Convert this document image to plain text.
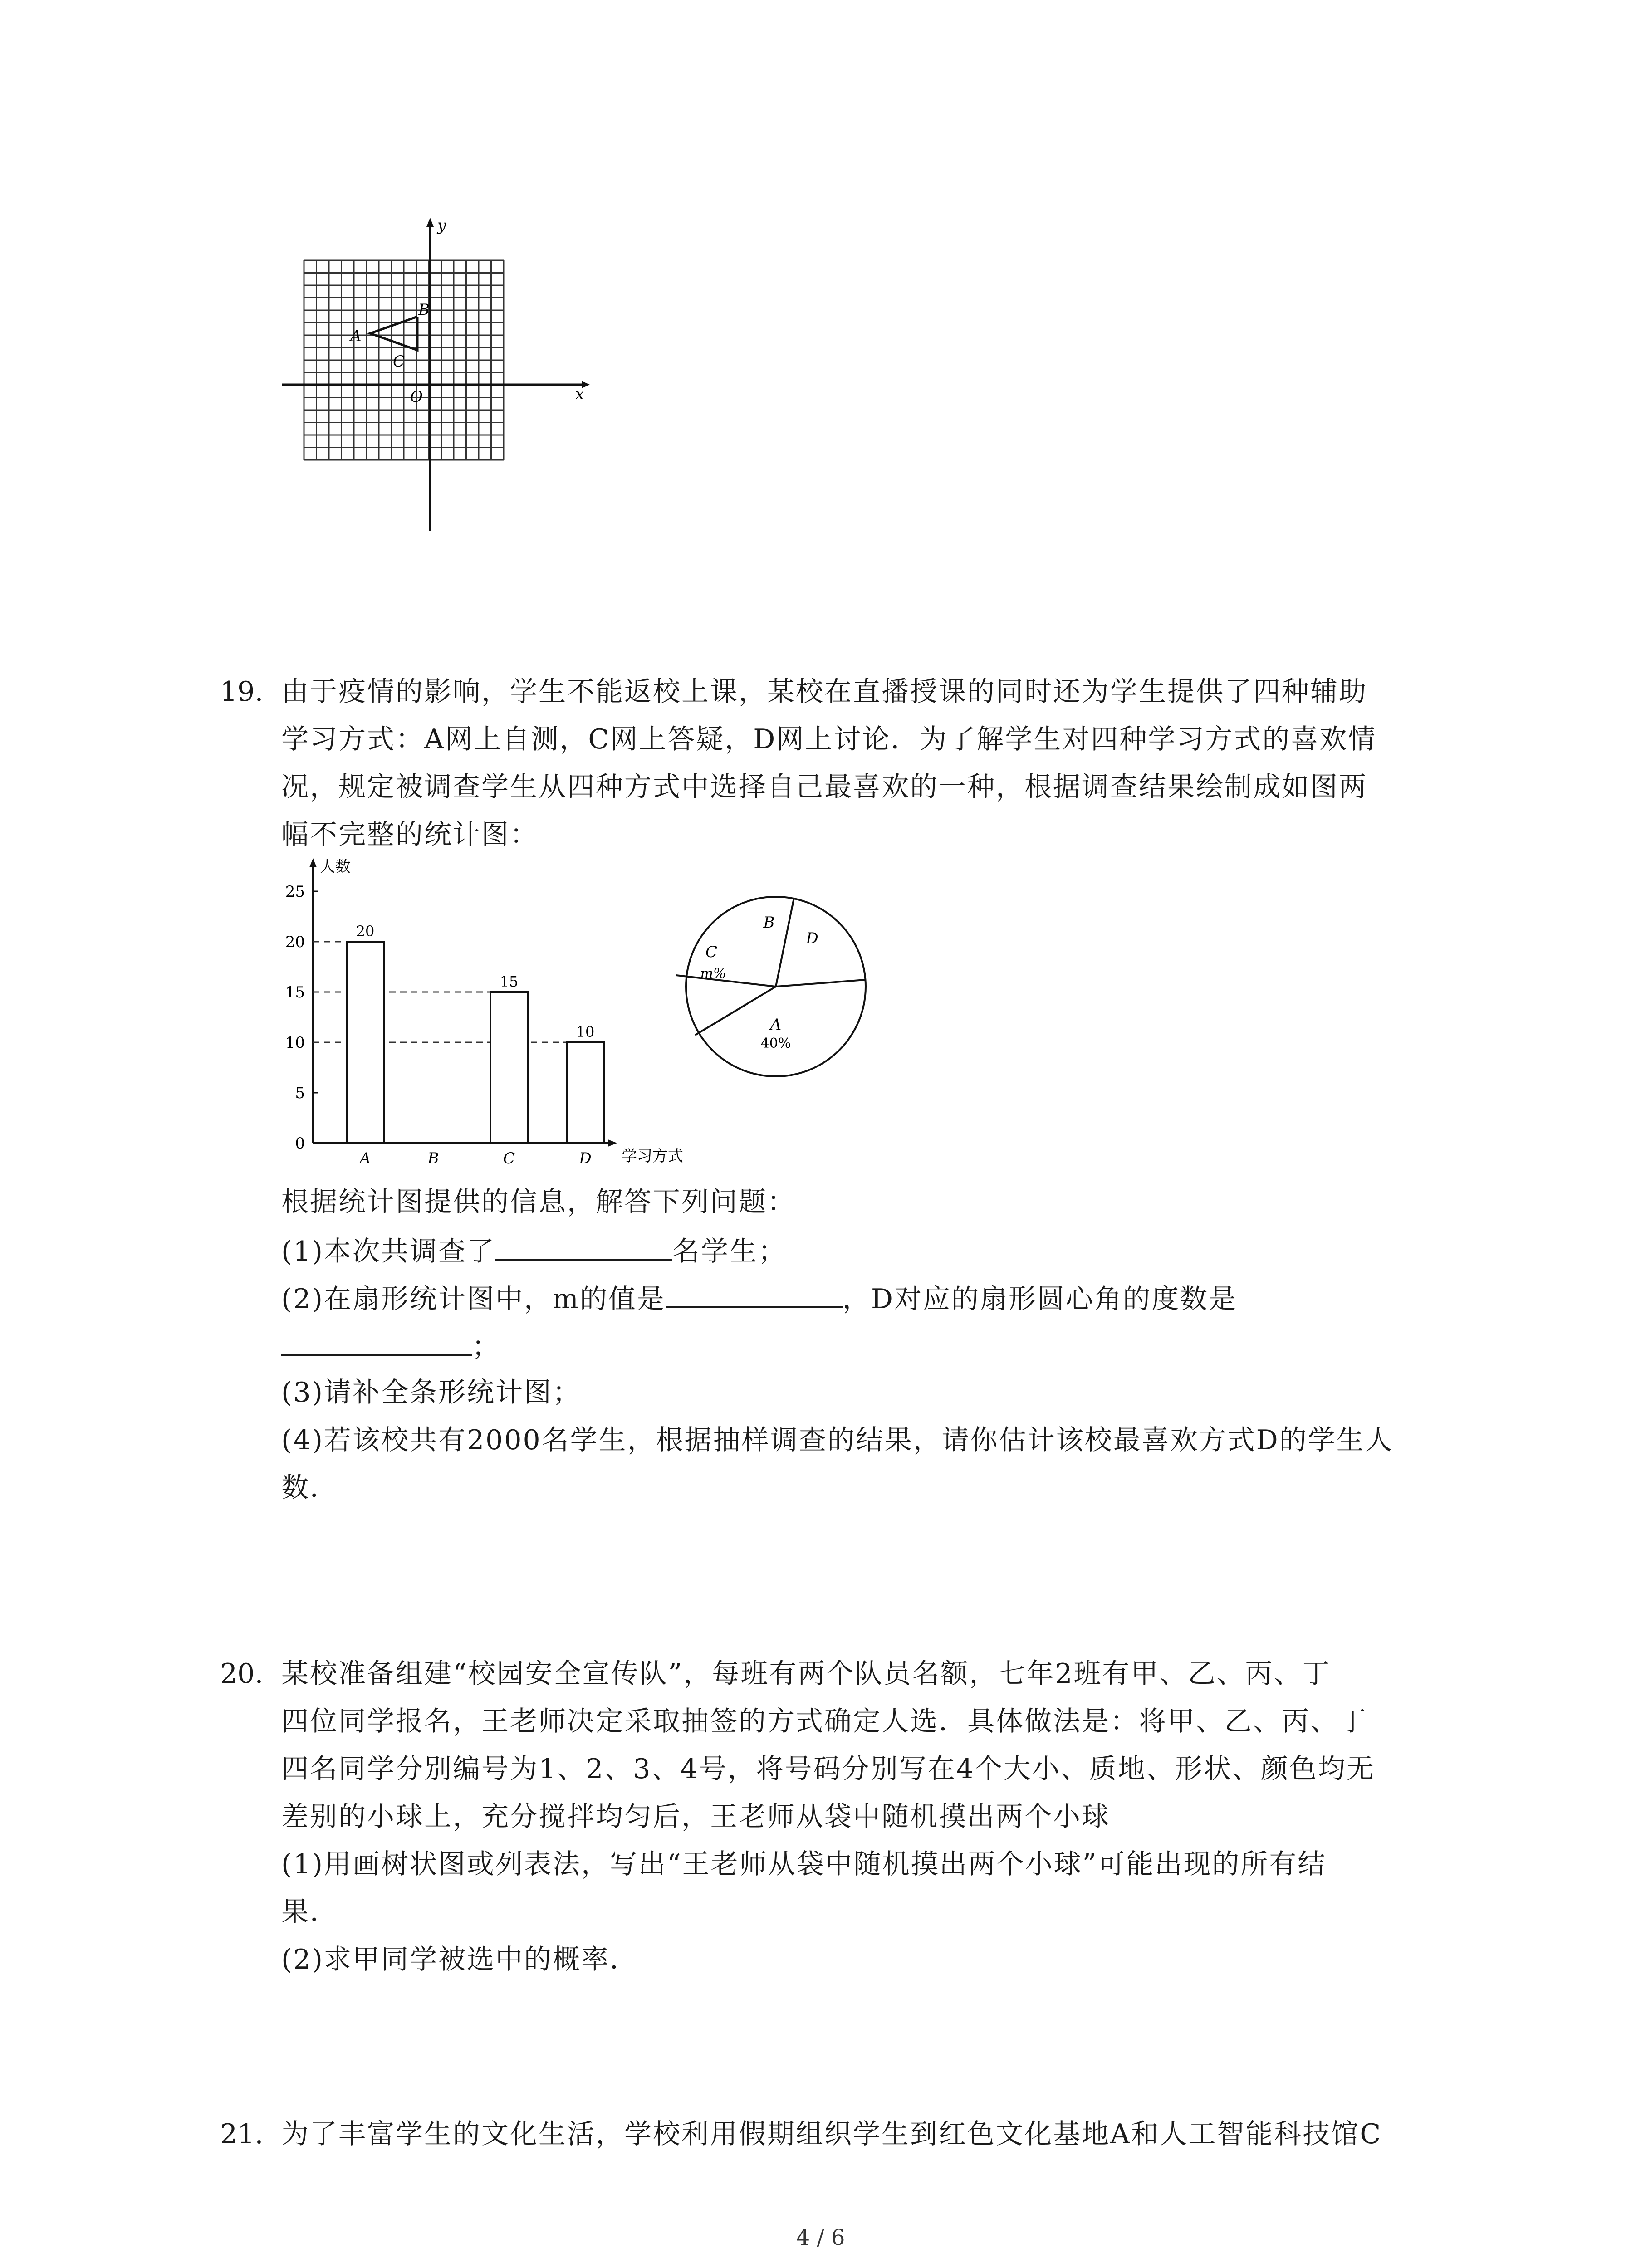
x
y
O
B
A
C
19. 由于疫情的影响，学生不能返校上课，某校在直播授课的同时还为学生提供了四种辅助
学习方式：A网上自测，C网上答疑，D网上讨论．为了解学生对四种学习方式的喜欢情
况，规定被调查学生从四种方式中选择自己最喜欢的一种，根据调查结果绘制成如图两
幅不完整的统计图：
人数
学习方式
0
5
10
15
20
25
20
A	B
15
C
10
D
A
B
C
D
40%
m%
根据统计图提供的信息，解答下列问题：
(1)本次共调查了	名学生；
(2)在扇形统计图中，m的值是	，D对应的扇形圆心角的度数是
；
(3)请补全条形统计图；
(4)若该校共有2000名学生，根据抽样调查的结果，请你估计该校最喜欢方式D的学生人
数．
20. 某校准备组建“校园安全宣传队”，每班有两个队员名额，七年2班有甲、乙、丙、丁
四位同学报名，王老师决定采取抽签的方式确定人选．具体做法是：将甲、乙、丙、丁
四名同学分别编号为1、2、3、4号，将号码分别写在4个大小、质地、形状、颜色均无
差别的小球上，充分搅拌均匀后，王老师从袋中随机摸出两个小球
(1)用画树状图或列表法，写出“王老师从袋中随机摸出两个小球”可能出现的所有结
果．
(2)求甲同学被选中的概率．
21. 为了丰富学生的文化生活，学校利用假期组织学生到红色文化基地A和人工智能科技馆C
4 / 6
